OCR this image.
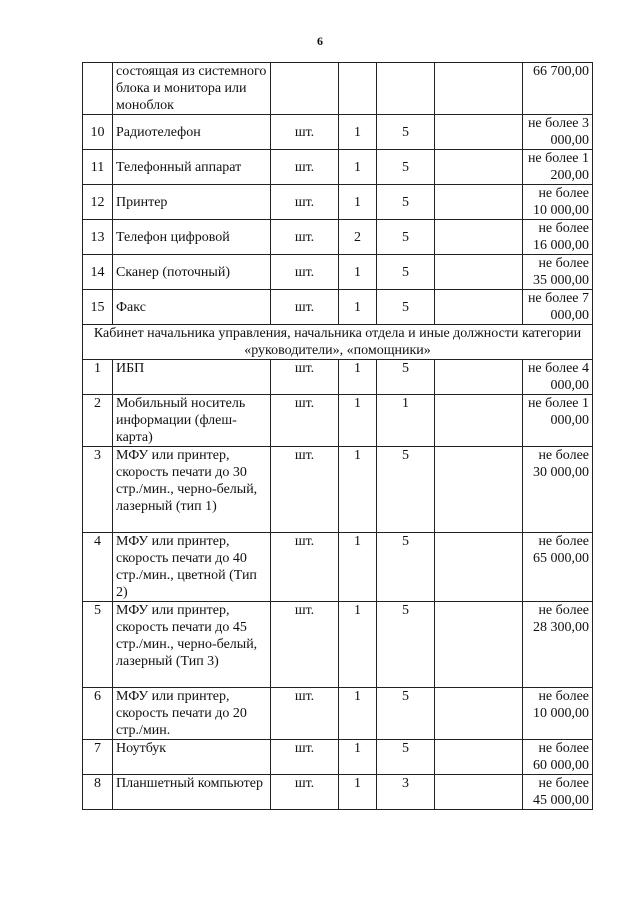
6
	состоящая из системного блока и монитора или моноблок					66 700,00
10	Радиотелефон	шт.	1	5		не более 3 000,00
11	Телефонный аппарат	шт.	1	5		не более 1 200,00
12	Принтер	шт.	1	5		не более 10 000,00
13	Телефон цифровой	шт.	2	5		не более 16 000,00
14	Сканер (поточный)	шт.	1	5		не более 35 000,00
15	Факс	шт.	1	5		не более 7 000,00
Кабинет начальника управления, начальника отдела и иные должности категории «руководители», «помощники»						
1	ИБП	шт.	1	5		не более 4 000,00
2	Мобильный носитель информации (флеш-карта)	шт.	1	1		не более 1 000,00
3	МФУ или принтер, скорость печати до 30 стр./мин., черно-белый, лазерный (тип 1)	шт.	1	5		не более 30 000,00
4	МФУ или принтер, скорость печати до 40 стр./мин., цветной (Тип 2)	шт.	1	5		не более 65 000,00
5	МФУ или принтер, скорость печати до 45 стр./мин., черно-белый, лазерный (Тип 3)	шт.	1	5		не более 28 300,00
6	МФУ или принтер, скорость печати до 20 стр./мин.	шт.	1	5		не более 10 000,00
7	Ноутбук	шт.	1	5		не более 60 000,00
8	Планшетный компьютер	шт.	1	3		не более 45 000,00
